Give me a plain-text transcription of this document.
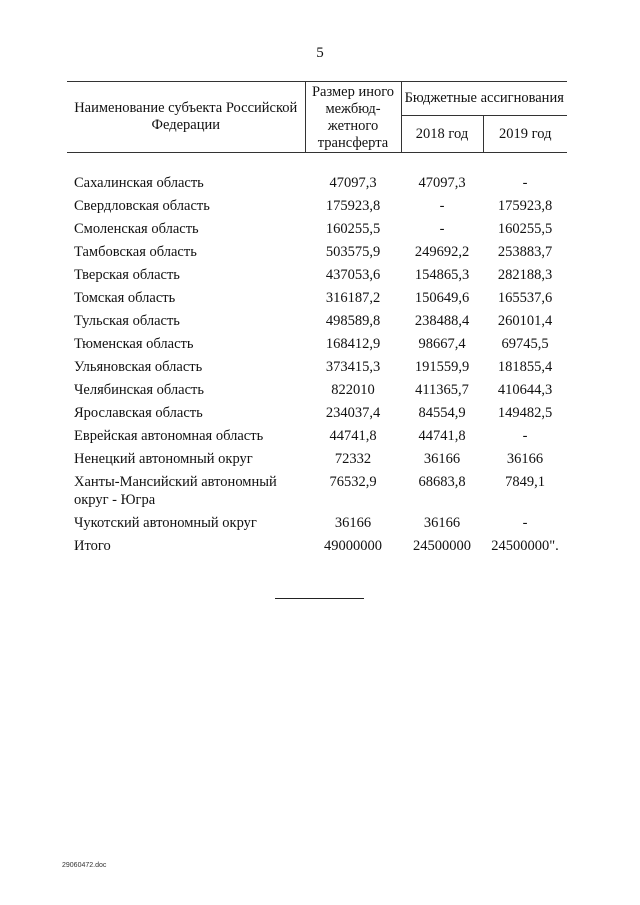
5
Наименование субъекта Российской Федерации	Размер иного межбюд-жетного трансферта	Бюджетные ассигнования	
		2018 год	2019 год

Сахалинская область	47097,3	47097,3	-
Свердловская область	175923,8	-	175923,8
Смоленская область	160255,5	-	160255,5
Тамбовская область	503575,9	249692,2	253883,7
Тверская область	437053,6	154865,3	282188,3
Томская область	316187,2	150649,6	165537,6
Тульская область	498589,8	238488,4	260101,4
Тюменская область	168412,9	98667,4	69745,5
Ульяновская область	373415,3	191559,9	181855,4
Челябинская область	822010	411365,7	410644,3
Ярославская область	234037,4	84554,9	149482,5
Еврейская автономная область	44741,8	44741,8	-
Ненецкий автономный округ	72332	36166	36166
Ханты-Мансийский автономный округ - Югра	76532,9	68683,8	7849,1
Чукотский автономный округ	36166	36166	-
Итого	49000000	24500000	24500000".
29060472.doc
